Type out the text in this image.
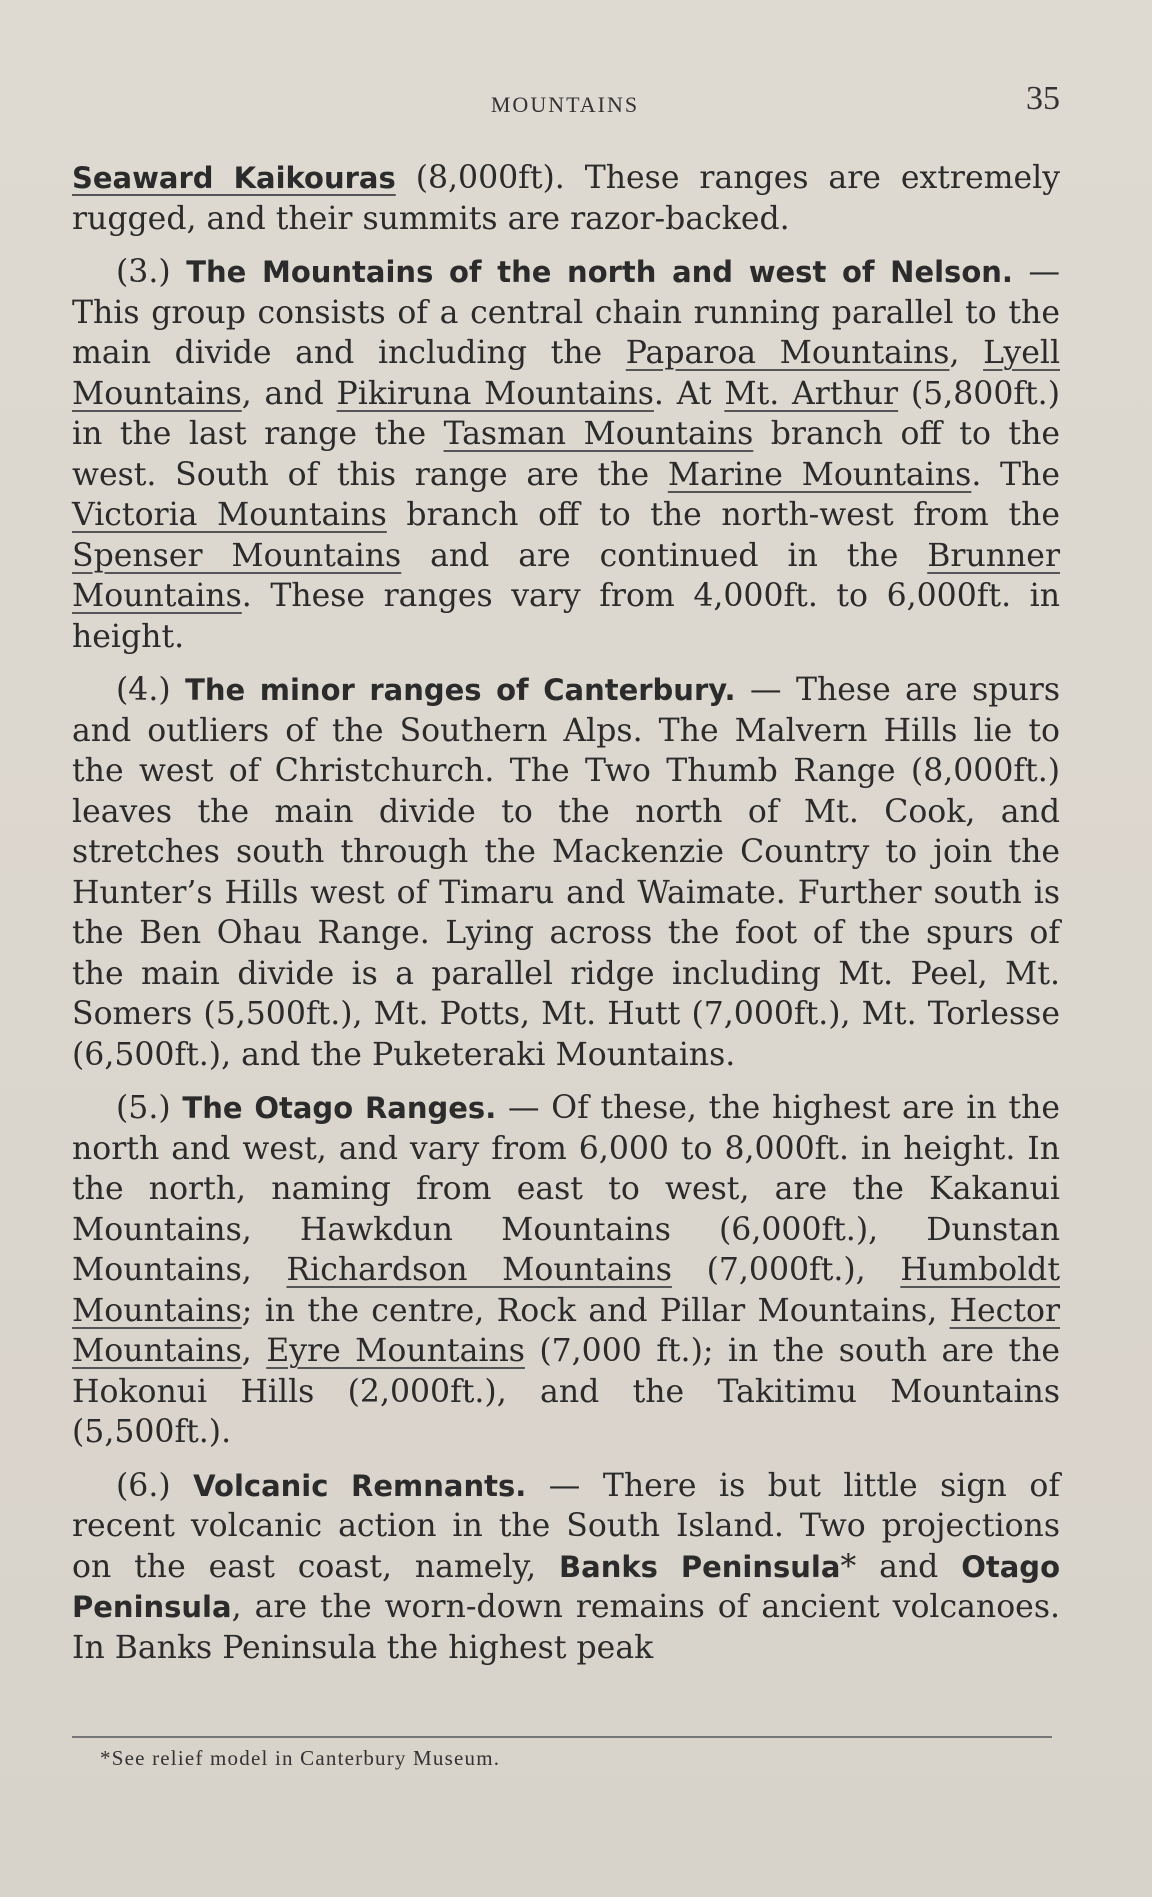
MOUNTAINS	35

Seaward Kaikouras (8,000ft). These ranges are extremely rugged, and their summits are razor-backed.

(3.) The Mountains of the north and west of Nelson. — This group consists of a central chain running parallel to the main divide and including the Paparoa Mountains, Lyell Mountains, and Pikiruna Mountains. At Mt. Arthur (5,800ft.) in the last range the Tasman Mountains branch off to the west. South of this range are the Marine Mountains. The Victoria Mountains branch off to the north-west from the Spenser Mountains and are continued in the Brunner Mountains. These ranges vary from 4,000ft. to 6,000ft. in height.

(4.) The minor ranges of Canterbury. — These are spurs and outliers of the Southern Alps. The Malvern Hills lie to the west of Christchurch. The Two Thumb Range (8,000ft.) leaves the main divide to the north of Mt. Cook, and stretches south through the Mackenzie Country to join the Hunter’s Hills west of Timaru and Waimate. Further south is the Ben Ohau Range. Lying across the foot of the spurs of the main divide is a parallel ridge including Mt. Peel, Mt. Somers (5,500ft.), Mt. Potts, Mt. Hutt (7,000ft.), Mt. Torlesse (6,500ft.), and the Puketeraki Mountains.

(5.) The Otago Ranges. — Of these, the highest are in the north and west, and vary from 6,000 to 8,000ft. in height. In the north, naming from east to west, are the Kakanui Mountains, Hawkdun Mountains (6,000ft.), Dunstan Mountains, Richardson Mountains (7,000ft.), Humboldt Mountains; in the centre, Rock and Pillar Mountains, Hector Mountains, Eyre Mountains (7,000 ft.); in the south are the Hokonui Hills (2,000ft.), and the Takitimu Mountains (5,500ft.).

(6.) Volcanic Remnants. — There is but little sign of recent volcanic action in the South Island. Two projections on the east coast, namely, Banks Peninsula* and Otago Peninsula, are the worn-down remains of ancient volcanoes. In Banks Peninsula the highest peak

*See relief model in Canterbury Museum.
